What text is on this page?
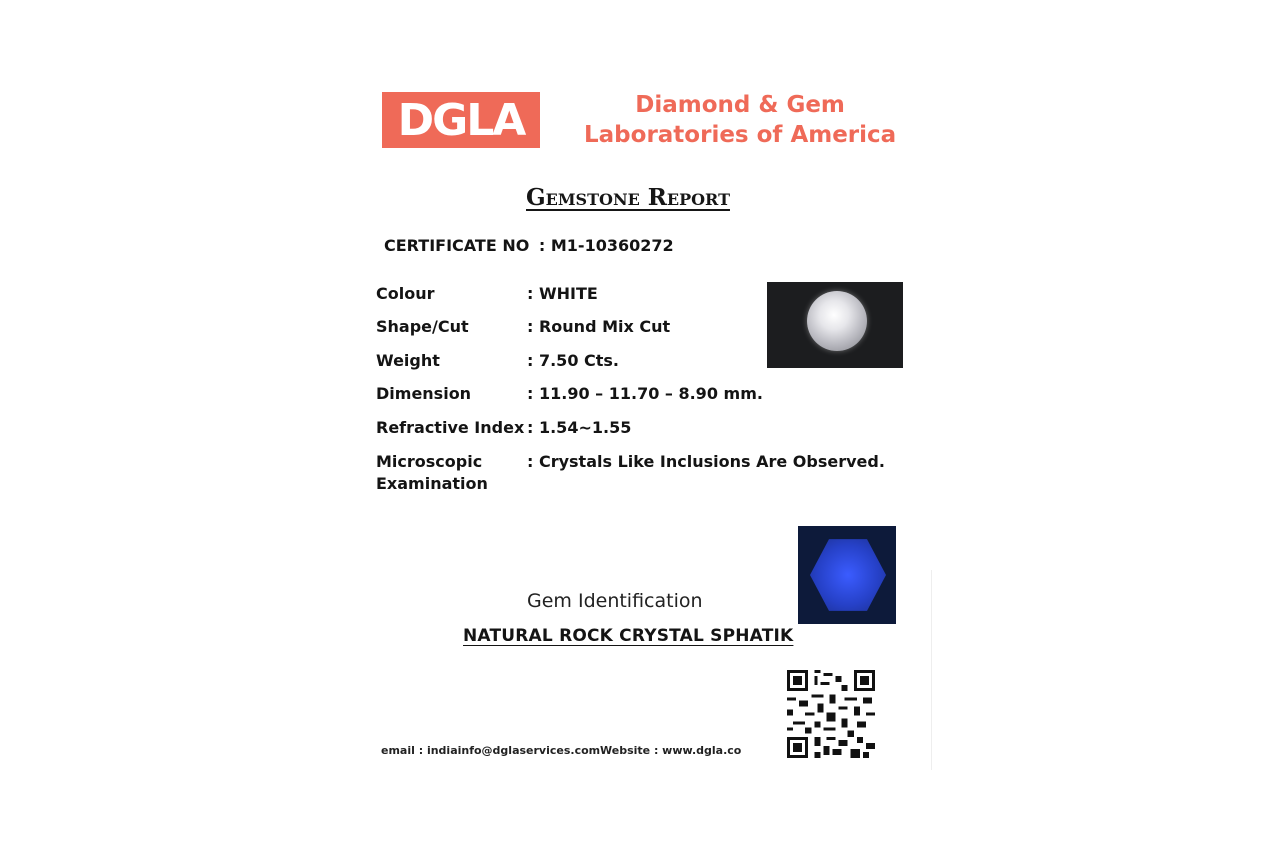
DGLA	Diamond & Gem
Laboratories of America
Gemstone Report
CERTIFICATE NO : M1-10360272
Colour	: WHITE
Shape/Cut	: Round Mix Cut
Weight	: 7.50 Cts.
Dimension	: 11.90 – 11.70 – 8.90 mm.
Refractive Index : 1.54~1.55
Microscopic Examination
: Crystals Like Inclusions Are Observed.
Gem Identification
NATURAL ROCK CRYSTAL SPHATIK
email : indiainfo@dglaservices.com Website : www.dgla.co
